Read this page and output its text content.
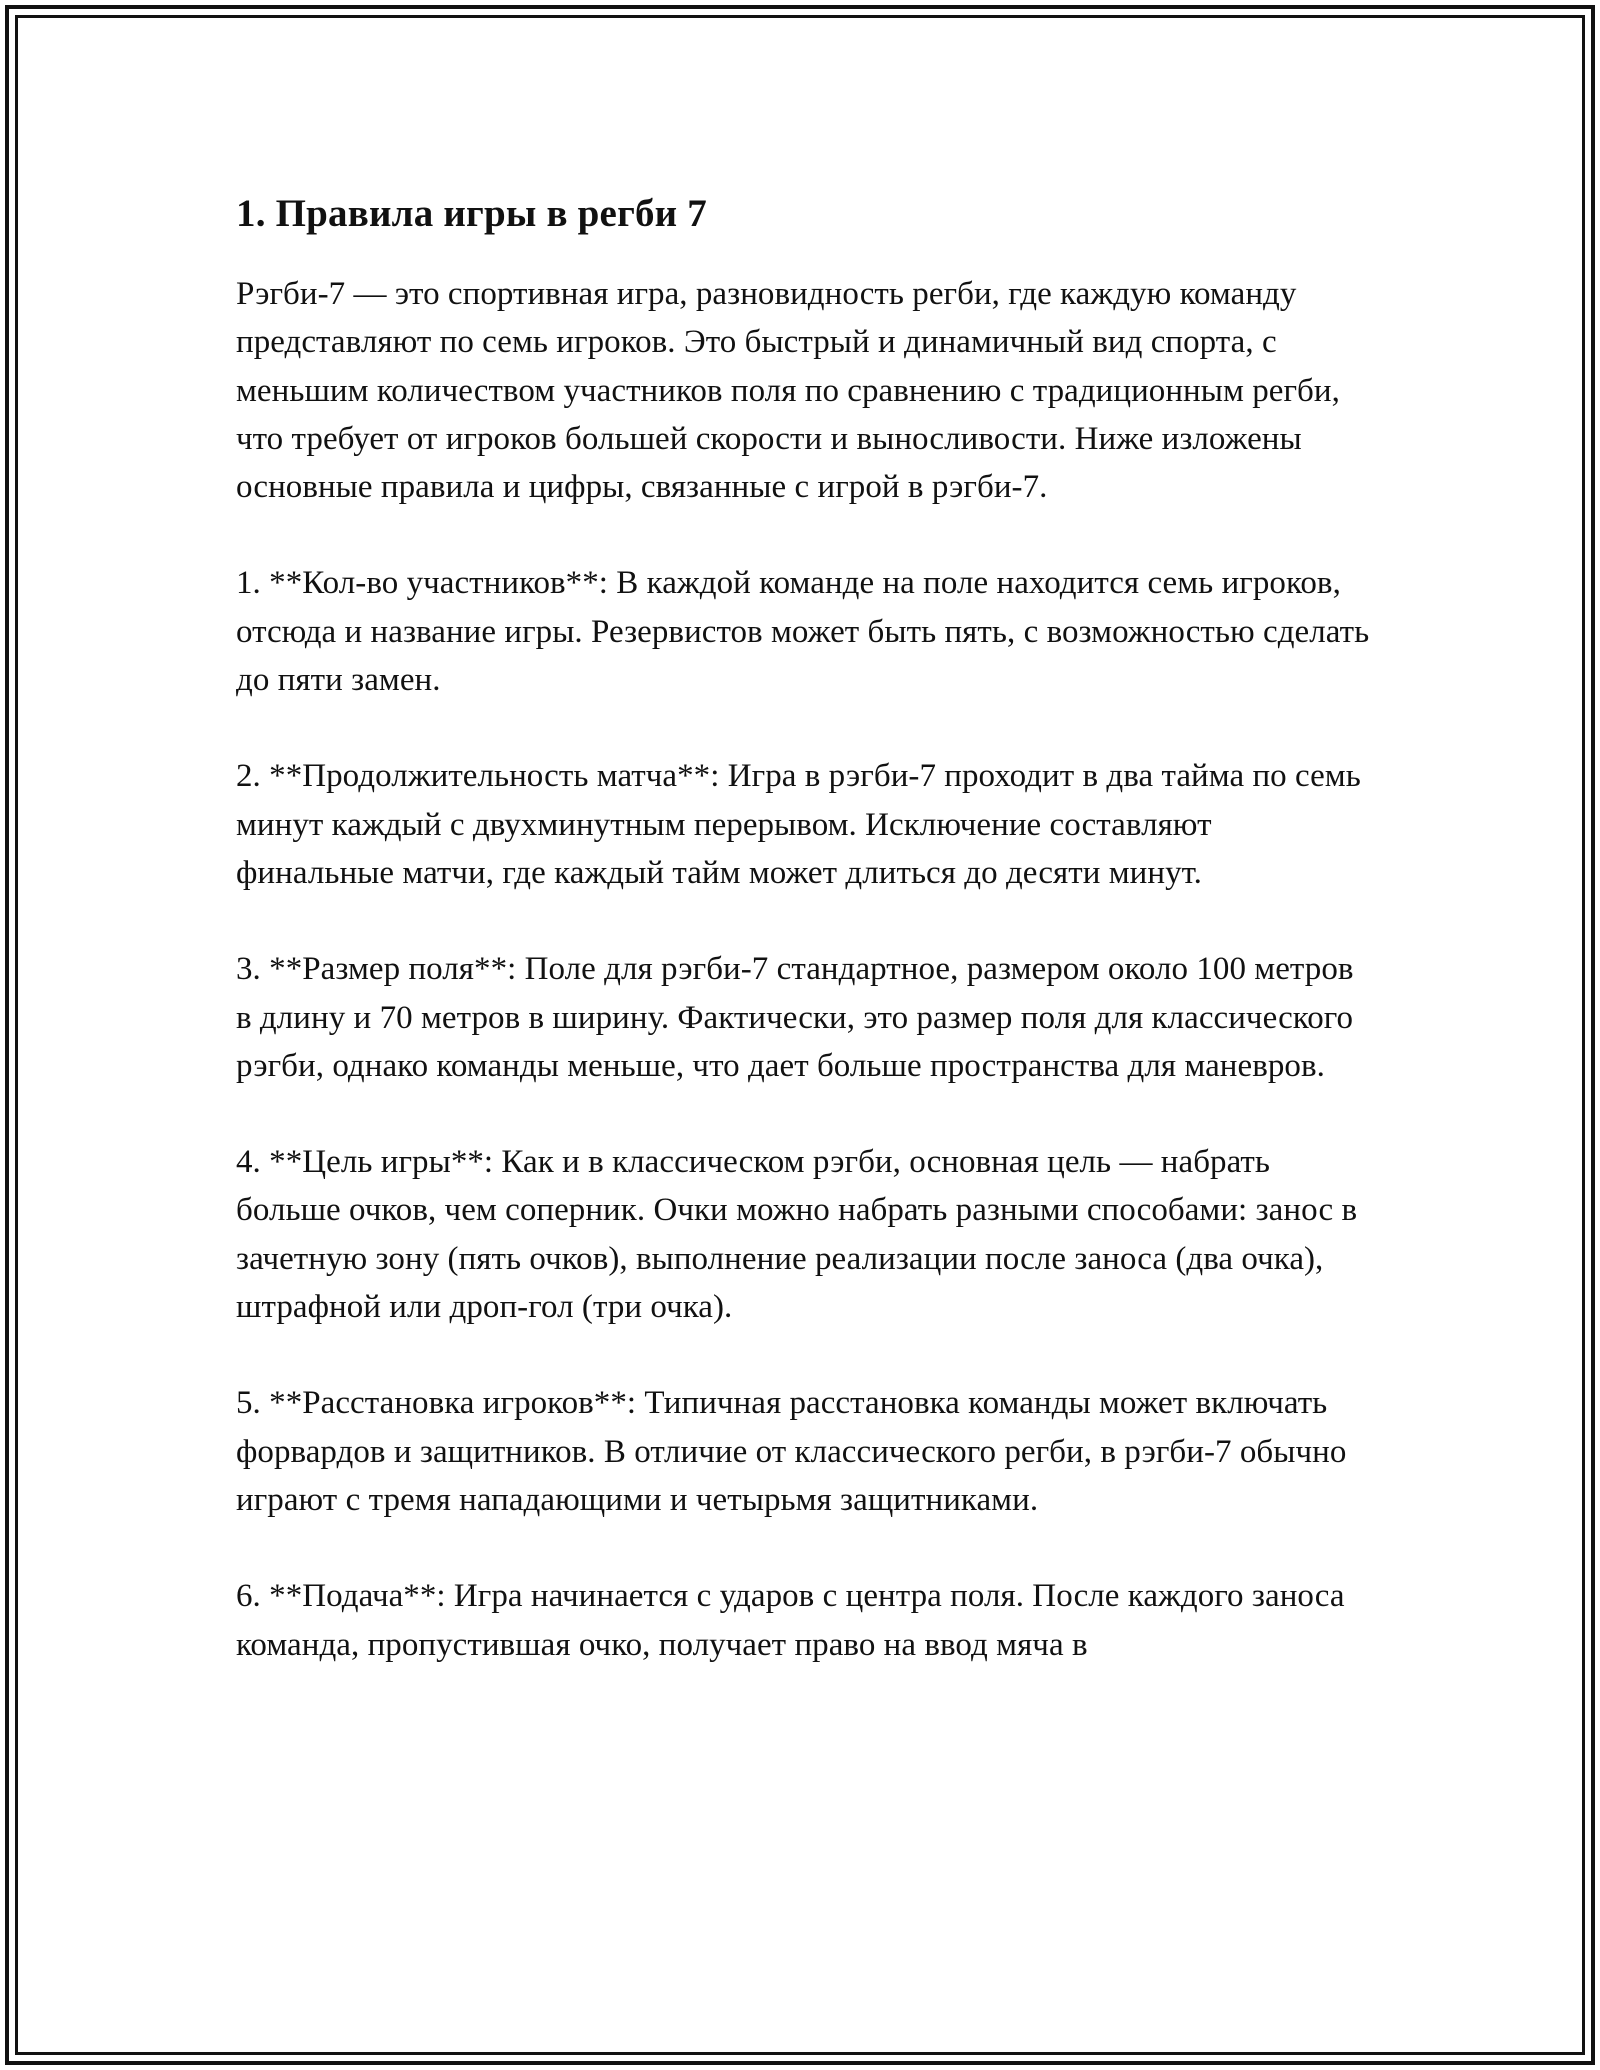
1. Правила игры в регби 7

Рэгби-7 — это спортивная игра, разновидность регби, где каждую команду представляют по семь игроков. Это быстрый и динамичный вид спорта, с меньшим количеством участников поля по сравнению с традиционным регби, что требует от игроков большей скорости и выносливости. Ниже изложены основные правила и цифры, связанные с игрой в рэгби-7.

1. **Кол-во участников**: В каждой команде на поле находится семь игроков, отсюда и название игры. Резервистов может быть пять, с возможностью сделать до пяти замен.

2. **Продолжительность матча**: Игра в рэгби-7 проходит в два тайма по семь минут каждый с двухминутным перерывом. Исключение составляют финальные матчи, где каждый тайм может длиться до десяти минут.

3. **Размер поля**: Поле для рэгби-7 стандартное, размером около 100 метров в длину и 70 метров в ширину. Фактически, это размер поля для классического рэгби, однако команды меньше, что дает больше пространства для маневров.

4. **Цель игры**: Как и в классическом рэгби, основная цель — набрать больше очков, чем соперник. Очки можно набрать разными способами: занос в зачетную зону (пять очков), выполнение реализации после заноса (два очка), штрафной или дроп-гол (три очка).

5. **Расстановка игроков**: Типичная расстановка команды может включать форвардов и защитников. В отличие от классического регби, в рэгби-7 обычно играют с тремя нападающими и четырьмя защитниками.

6. **Подача**: Игра начинается с ударов с центра поля. После каждого заноса команда, пропустившая очко, получает право на ввод мяча в
